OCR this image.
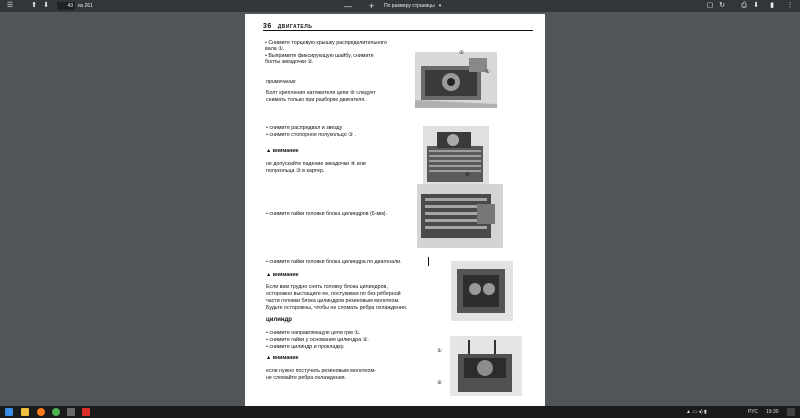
☰	⬆ ⬇	43	из 261	— + По размеру страницы ▾	▢ ↻ ⎙ ⬇ ▮ ⋮
36 ДВИГАТЕЛЬ
• Снимите торцевую крышку распределительного
вала ①.
• Выпримите фиксирующую шайбу, снимите
болты звездочки ②.
примечание
Болт крепления натяжителя цепи ⑧ следует
снимать только при разборке двигателя.
• снимите распредвал и звезду
• снимите стопорное полукольцо ③ .
▲ внимание
не допускайте падение звездочки ④ или
полукольца ③ в картер.
• снимите гайки головки блока цилиндров (6-мм).
• снимите гайки головки блока цилиндра по диагонали.
▲ внимание
Если вам трудно снять головку блока цилиндров,
осторожно выстащите ее, постукивая по без рёберной
части головки блока цилиндров резиновым молотком.
Будьте осторожны, чтобы не сломать ребра охлаждения.
цилиндр
• снимите направляющую цепи грм ①.
• снимите гайки у основания цилиндра ②.
• снимите цилиндр и прокладку.
▲ внимание
если нужно постучать резиновым молотком-
не сломайте ребра охлаждения.
②
①
④
①
②
▲ ▭ ◂) ▮	РУС 19:30
